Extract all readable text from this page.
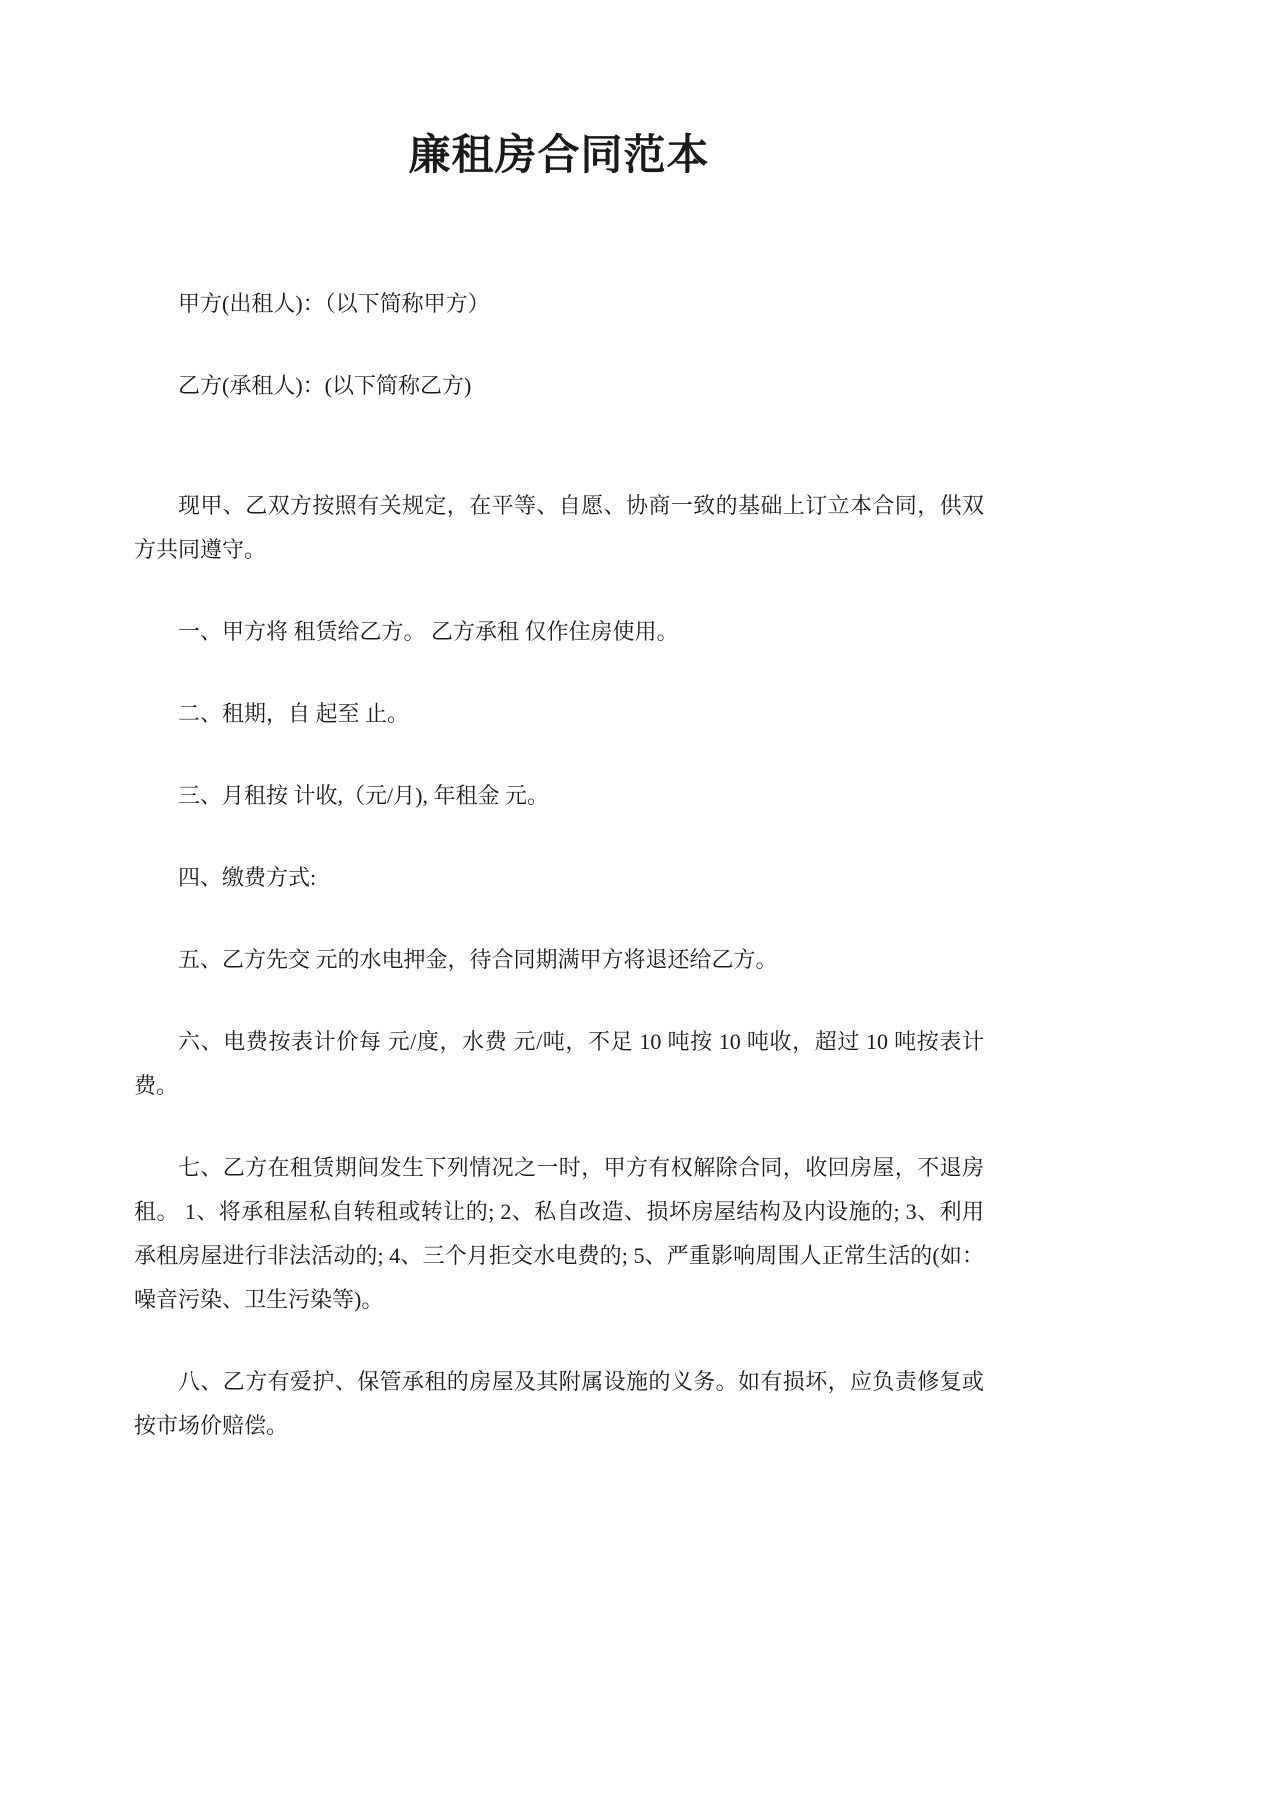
廉租房合同范本

甲方(出租人)：（以下简称甲方）

乙方(承租人)：(以下简称乙方)

现甲、乙双方按照有关规定，在平等、自愿、协商一致的基础上订立本合同，供双方共同遵守。

一、甲方将 租赁给乙方。 乙方承租 仅作住房使用。

二、租期，自 起至 止。

三、月租按 计收,（元/月), 年租金 元。

四、缴费方式:

五、乙方先交 元的水电押金，待合同期满甲方将退还给乙方。

六、电费按表计价每 元/度，水费 元/吨，不足 10 吨按 10 吨收，超过 10 吨按表计费。

七、乙方在租赁期间发生下列情况之一时，甲方有权解除合同，收回房屋，不退房租。 1、将承租屋私自转租或转让的; 2、私自改造、损坏房屋结构及内设施的; 3、利用承租房屋进行非法活动的; 4、三个月拒交水电费的; 5、严重影响周围人正常生活的(如：噪音污染、卫生污染等)。

八、乙方有爱护、保管承租的房屋及其附属设施的义务。如有损坏，应负责修复或按市场价赔偿。
